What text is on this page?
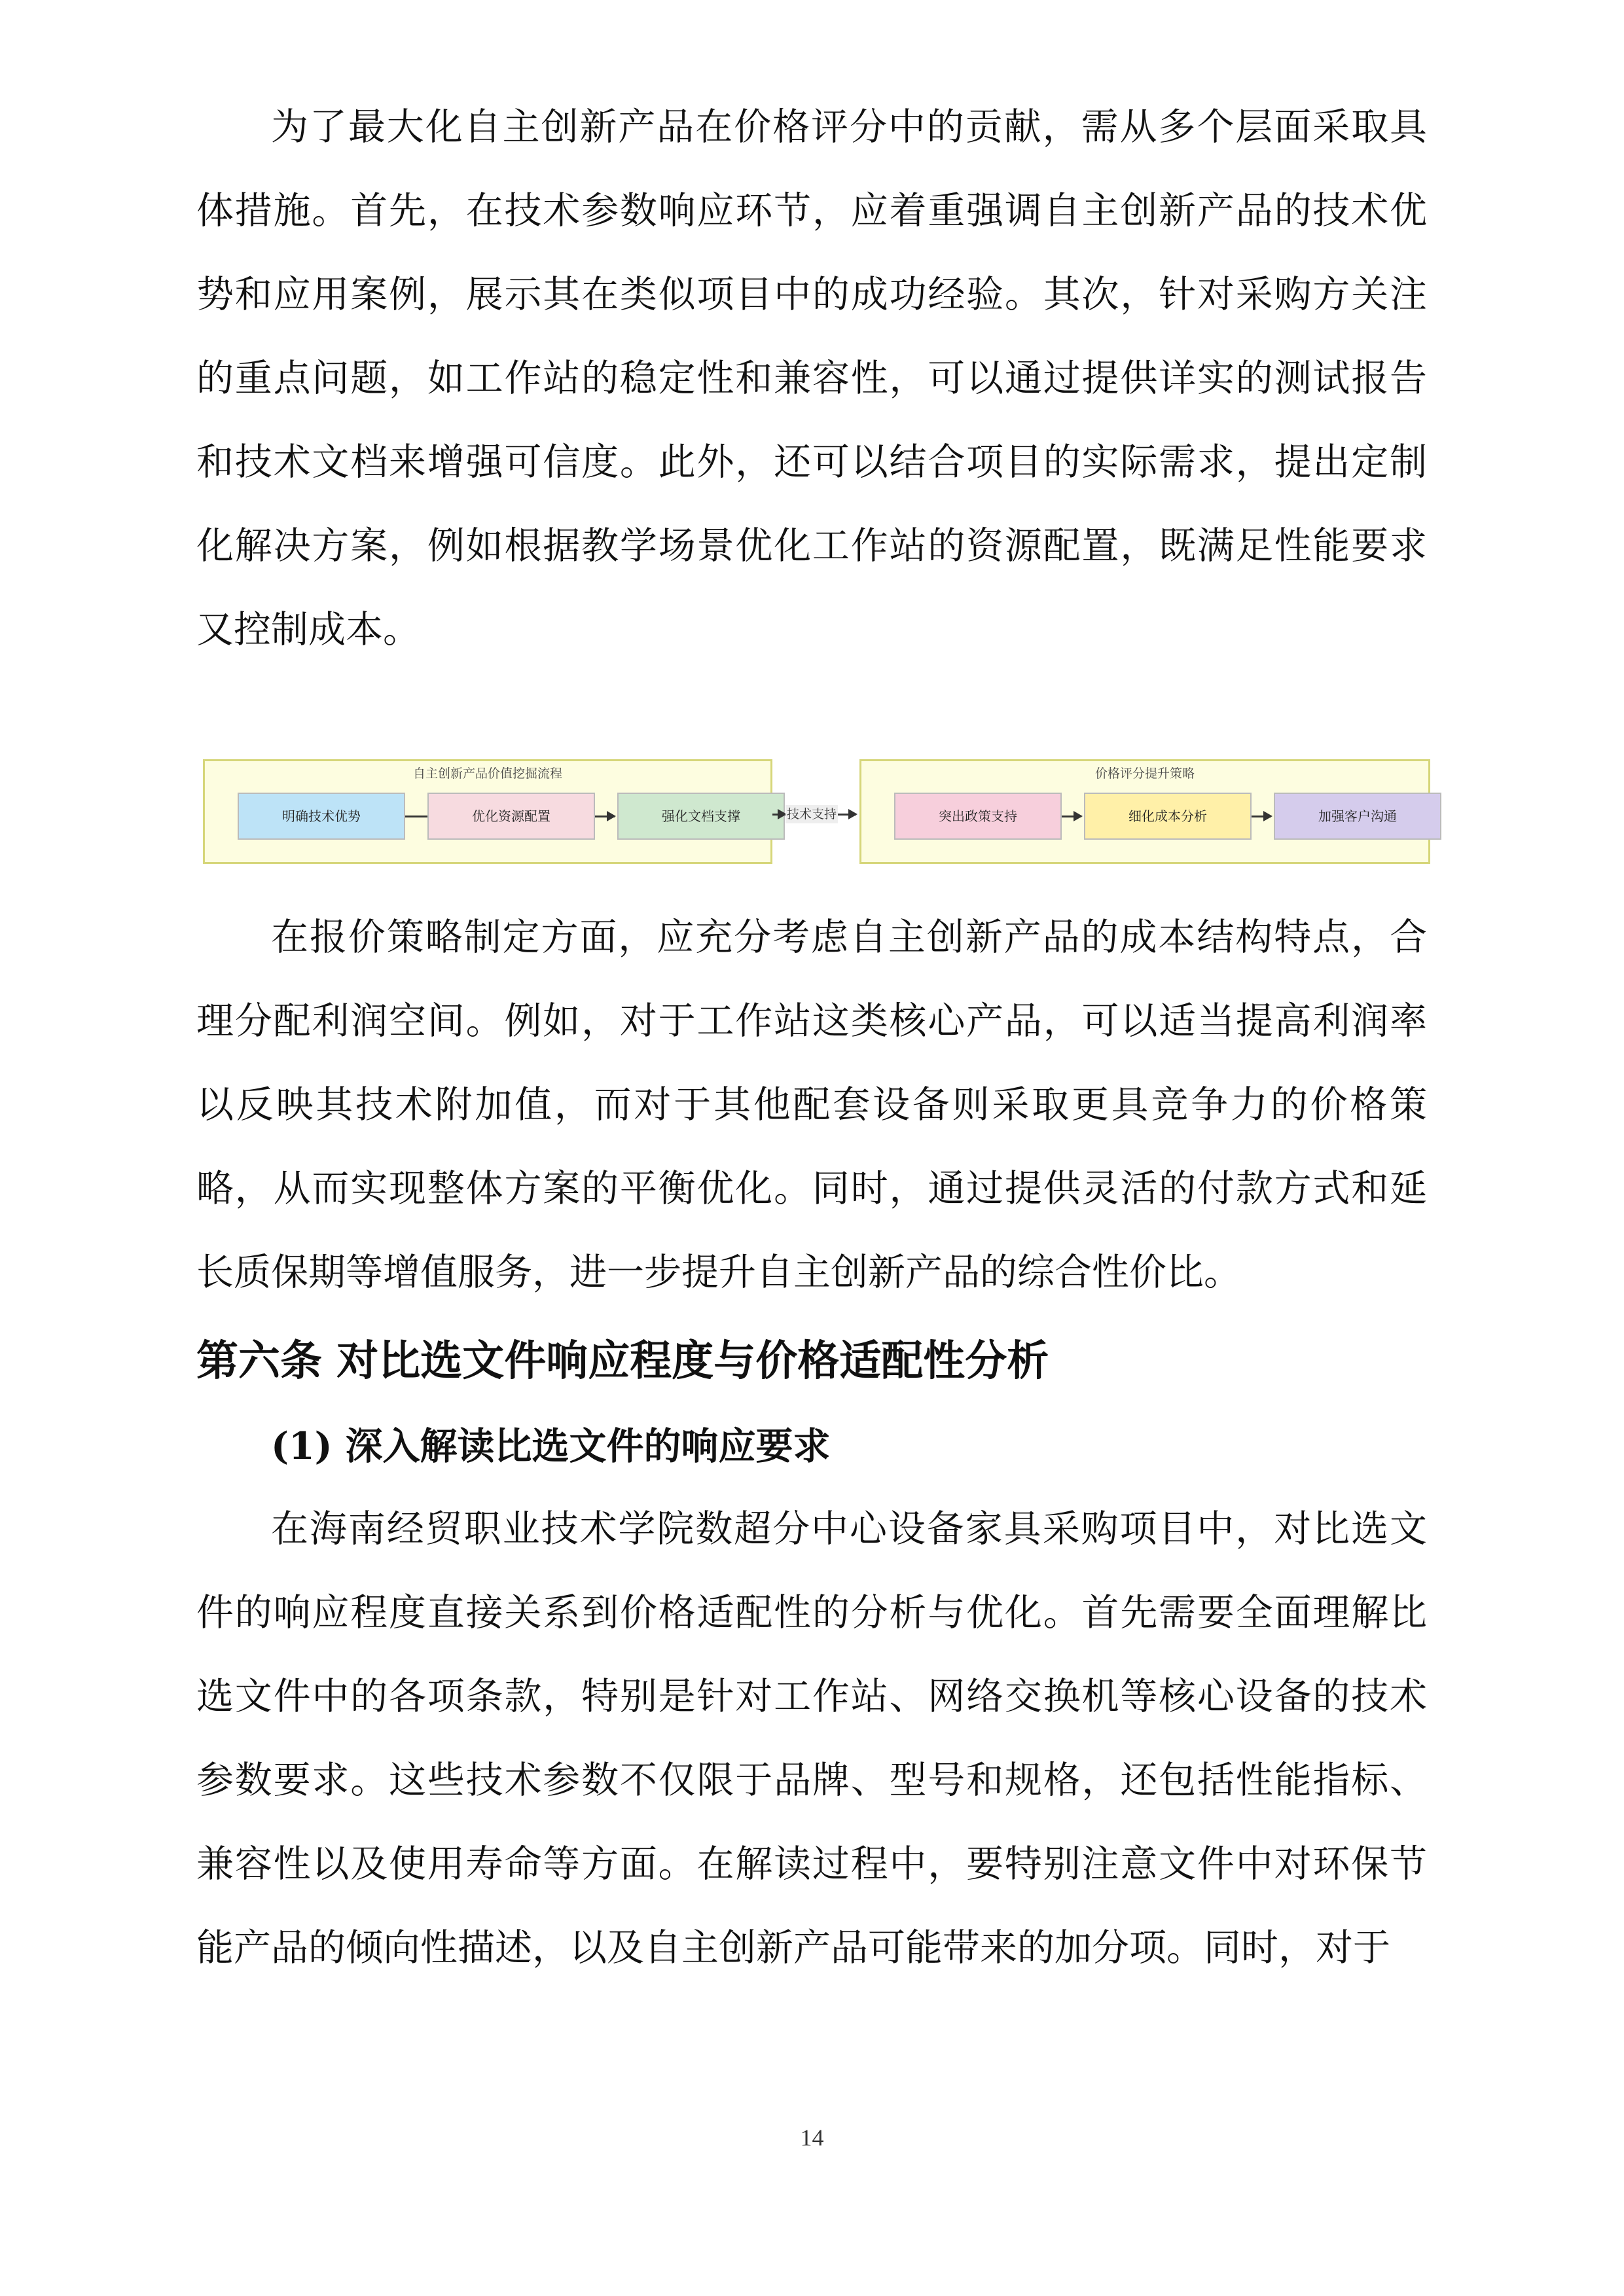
为了最大化自主创新产品在价格评分中的贡献，需从多个层面采取具体措施。首先，在技术参数响应环节，应着重强调自主创新产品的技术优势和应用案例，展示其在类似项目中的成功经验。其次，针对采购方关注的重点问题，如工作站的稳定性和兼容性，可以通过提供详实的测试报告和技术文档来增强可信度。此外，还可以结合项目的实际需求，提出定制化解决方案，例如根据教学场景优化工作站的资源配置，既满足性能要求又控制成本。

自主创新产品价值挖掘流程
明确技术优势	优化资源配置	强化文档支撑	技术支持
价格评分提升策略
突出政策支持	细化成本分析	加强客户沟通

在报价策略制定方面，应充分考虑自主创新产品的成本结构特点，合理分配利润空间。例如，对于工作站这类核心产品，可以适当提高利润率以反映其技术附加值，而对于其他配套设备则采取更具竞争力的价格策略，从而实现整体方案的平衡优化。同时，通过提供灵活的付款方式和延长质保期等增值服务，进一步提升自主创新产品的综合性价比。

第六条 对比选文件响应程度与价格适配性分析
(1) 深入解读比选文件的响应要求

在海南经贸职业技术学院数超分中心设备家具采购项目中，对比选文件的响应程度直接关系到价格适配性的分析与优化。首先需要全面理解比选文件中的各项条款，特别是针对工作站、网络交换机等核心设备的技术参数要求。这些技术参数不仅限于品牌、型号和规格，还包括性能指标、兼容性以及使用寿命等方面。在解读过程中，要特别注意文件中对环保节能产品的倾向性描述，以及自主创新产品可能带来的加分项。同时，对于

14
